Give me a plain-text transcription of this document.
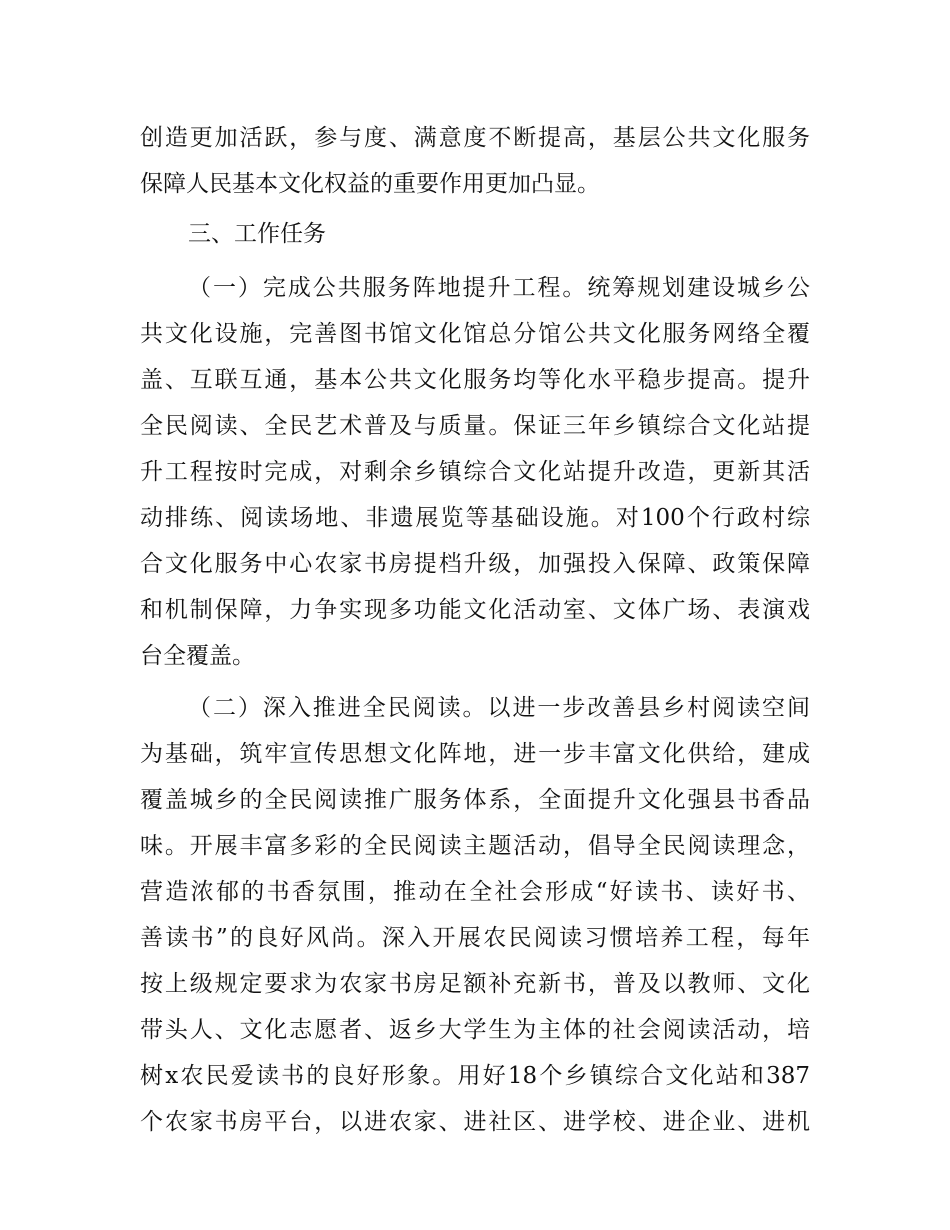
创造更加活跃，参与度、满意度不断提高，基层公共文化服务
保障人民基本文化权益的重要作用更加凸显。
三、工作任务
（一）完成公共服务阵地提升工程。统筹规划建设城乡公
共文化设施，完善图书馆文化馆总分馆公共文化服务网络全覆
盖、互联互通，基本公共文化服务均等化水平稳步提高。提升
全民阅读、全民艺术普及与质量。保证三年乡镇综合文化站提
升工程按时完成，对剩余乡镇综合文化站提升改造，更新其活
动排练、阅读场地、非遗展览等基础设施。对100个行政村综
合文化服务中心农家书房提档升级，加强投入保障、政策保障
和机制保障，力争实现多功能文化活动室、文体广场、表演戏
台全覆盖。
（二）深入推进全民阅读。以进一步改善县乡村阅读空间
为基础，筑牢宣传思想文化阵地，进一步丰富文化供给，建成
覆盖城乡的全民阅读推广服务体系，全面提升文化强县书香品
味。开展丰富多彩的全民阅读主题活动，倡导全民阅读理念，
营造浓郁的书香氛围，推动在全社会形成“好读书、读好书、
善读书”的良好风尚。深入开展农民阅读习惯培养工程，每年
按上级规定要求为农家书房足额补充新书，普及以教师、文化
带头人、文化志愿者、返乡大学生为主体的社会阅读活动，培
树x农民爱读书的良好形象。用好18个乡镇综合文化站和387
个农家书房平台，以进农家、进社区、进学校、进企业、进机
